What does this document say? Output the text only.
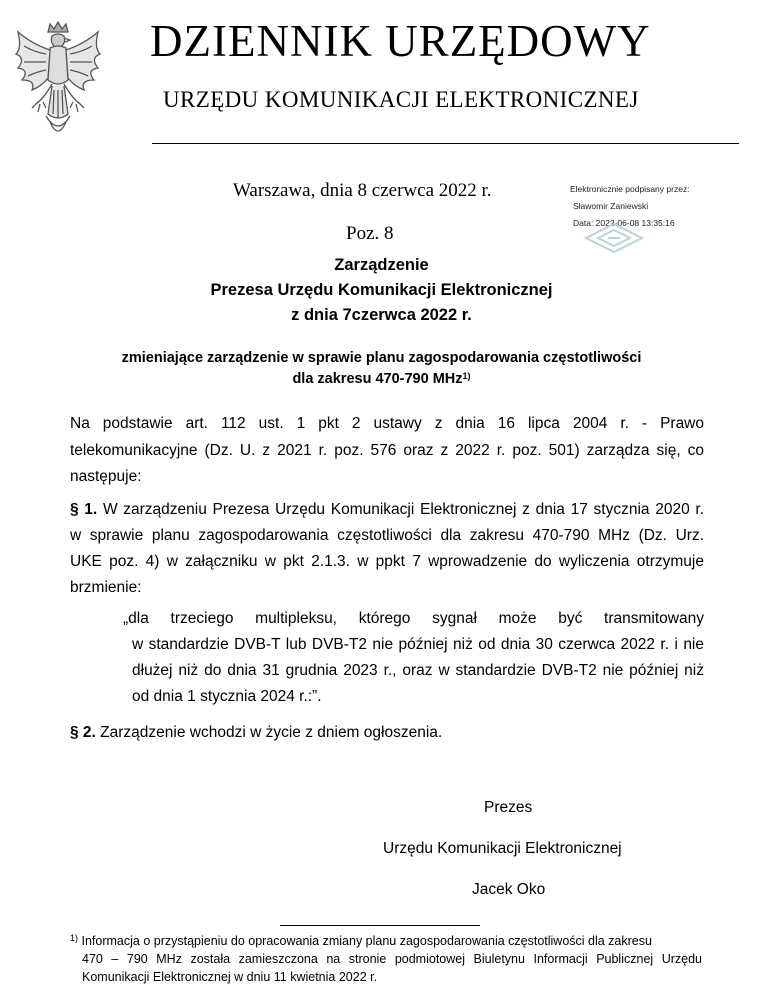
DZIENNIK URZĘDOWY
URZĘDU KOMUNIKACJI ELEKTRONICZNEJ
Warszawa, dnia 8 czerwca 2022 r.
Poz. 8
Elektronicznie podpisany przez:
Sławomir Zaniewski
Data: 2022-06-08 13:35:16
Zarządzenie
Prezesa Urzędu Komunikacji Elektronicznej
z dnia 7czerwca 2022 r.
zmieniające zarządzenie w sprawie planu zagospodarowania częstotliwości
dla zakresu 470-790 MHz$^{1)}$
Na podstawie art. 112 ust. 1 pkt 2 ustawy z dnia 16 lipca 2004 r. - Prawo
telekomunikacyjne (Dz. U. z 2021 r. poz. 576 oraz z 2022 r. poz. 501) zarządza się, co
następuje:
§ 1. W zarządzeniu Prezesa Urzędu Komunikacji Elektronicznej z dnia 17 stycznia 2020 r.
w sprawie planu zagospodarowania częstotliwości dla zakresu 470-790 MHz (Dz. Urz.
UKE poz. 4) w załączniku w pkt 2.1.3. w ppkt 7 wprowadzenie do wyliczenia otrzymuje
brzmienie:
„dla trzeciego multipleksu, którego sygnał może być transmitowany
w standardzie DVB-T lub DVB-T2 nie później niż od dnia 30 czerwca 2022 r. i nie
dłużej niż do dnia 31 grudnia 2023 r., oraz w standardzie DVB-T2 nie później niż
od dnia 1 stycznia 2024 r.:”.
§ 2. Zarządzenie wchodzi w życie z dniem ogłoszenia.
Prezes
Urzędu Komunikacji Elektronicznej
Jacek Oko
$^{1)}$ Informacja o przystąpieniu do opracowania zmiany planu zagospodarowania częstotliwości dla zakresu
470 – 790 MHz została zamieszczona na stronie podmiotowej Biuletynu Informacji Publicznej Urzędu
Komunikacji Elektronicznej w dniu 11 kwietnia 2022 r.
